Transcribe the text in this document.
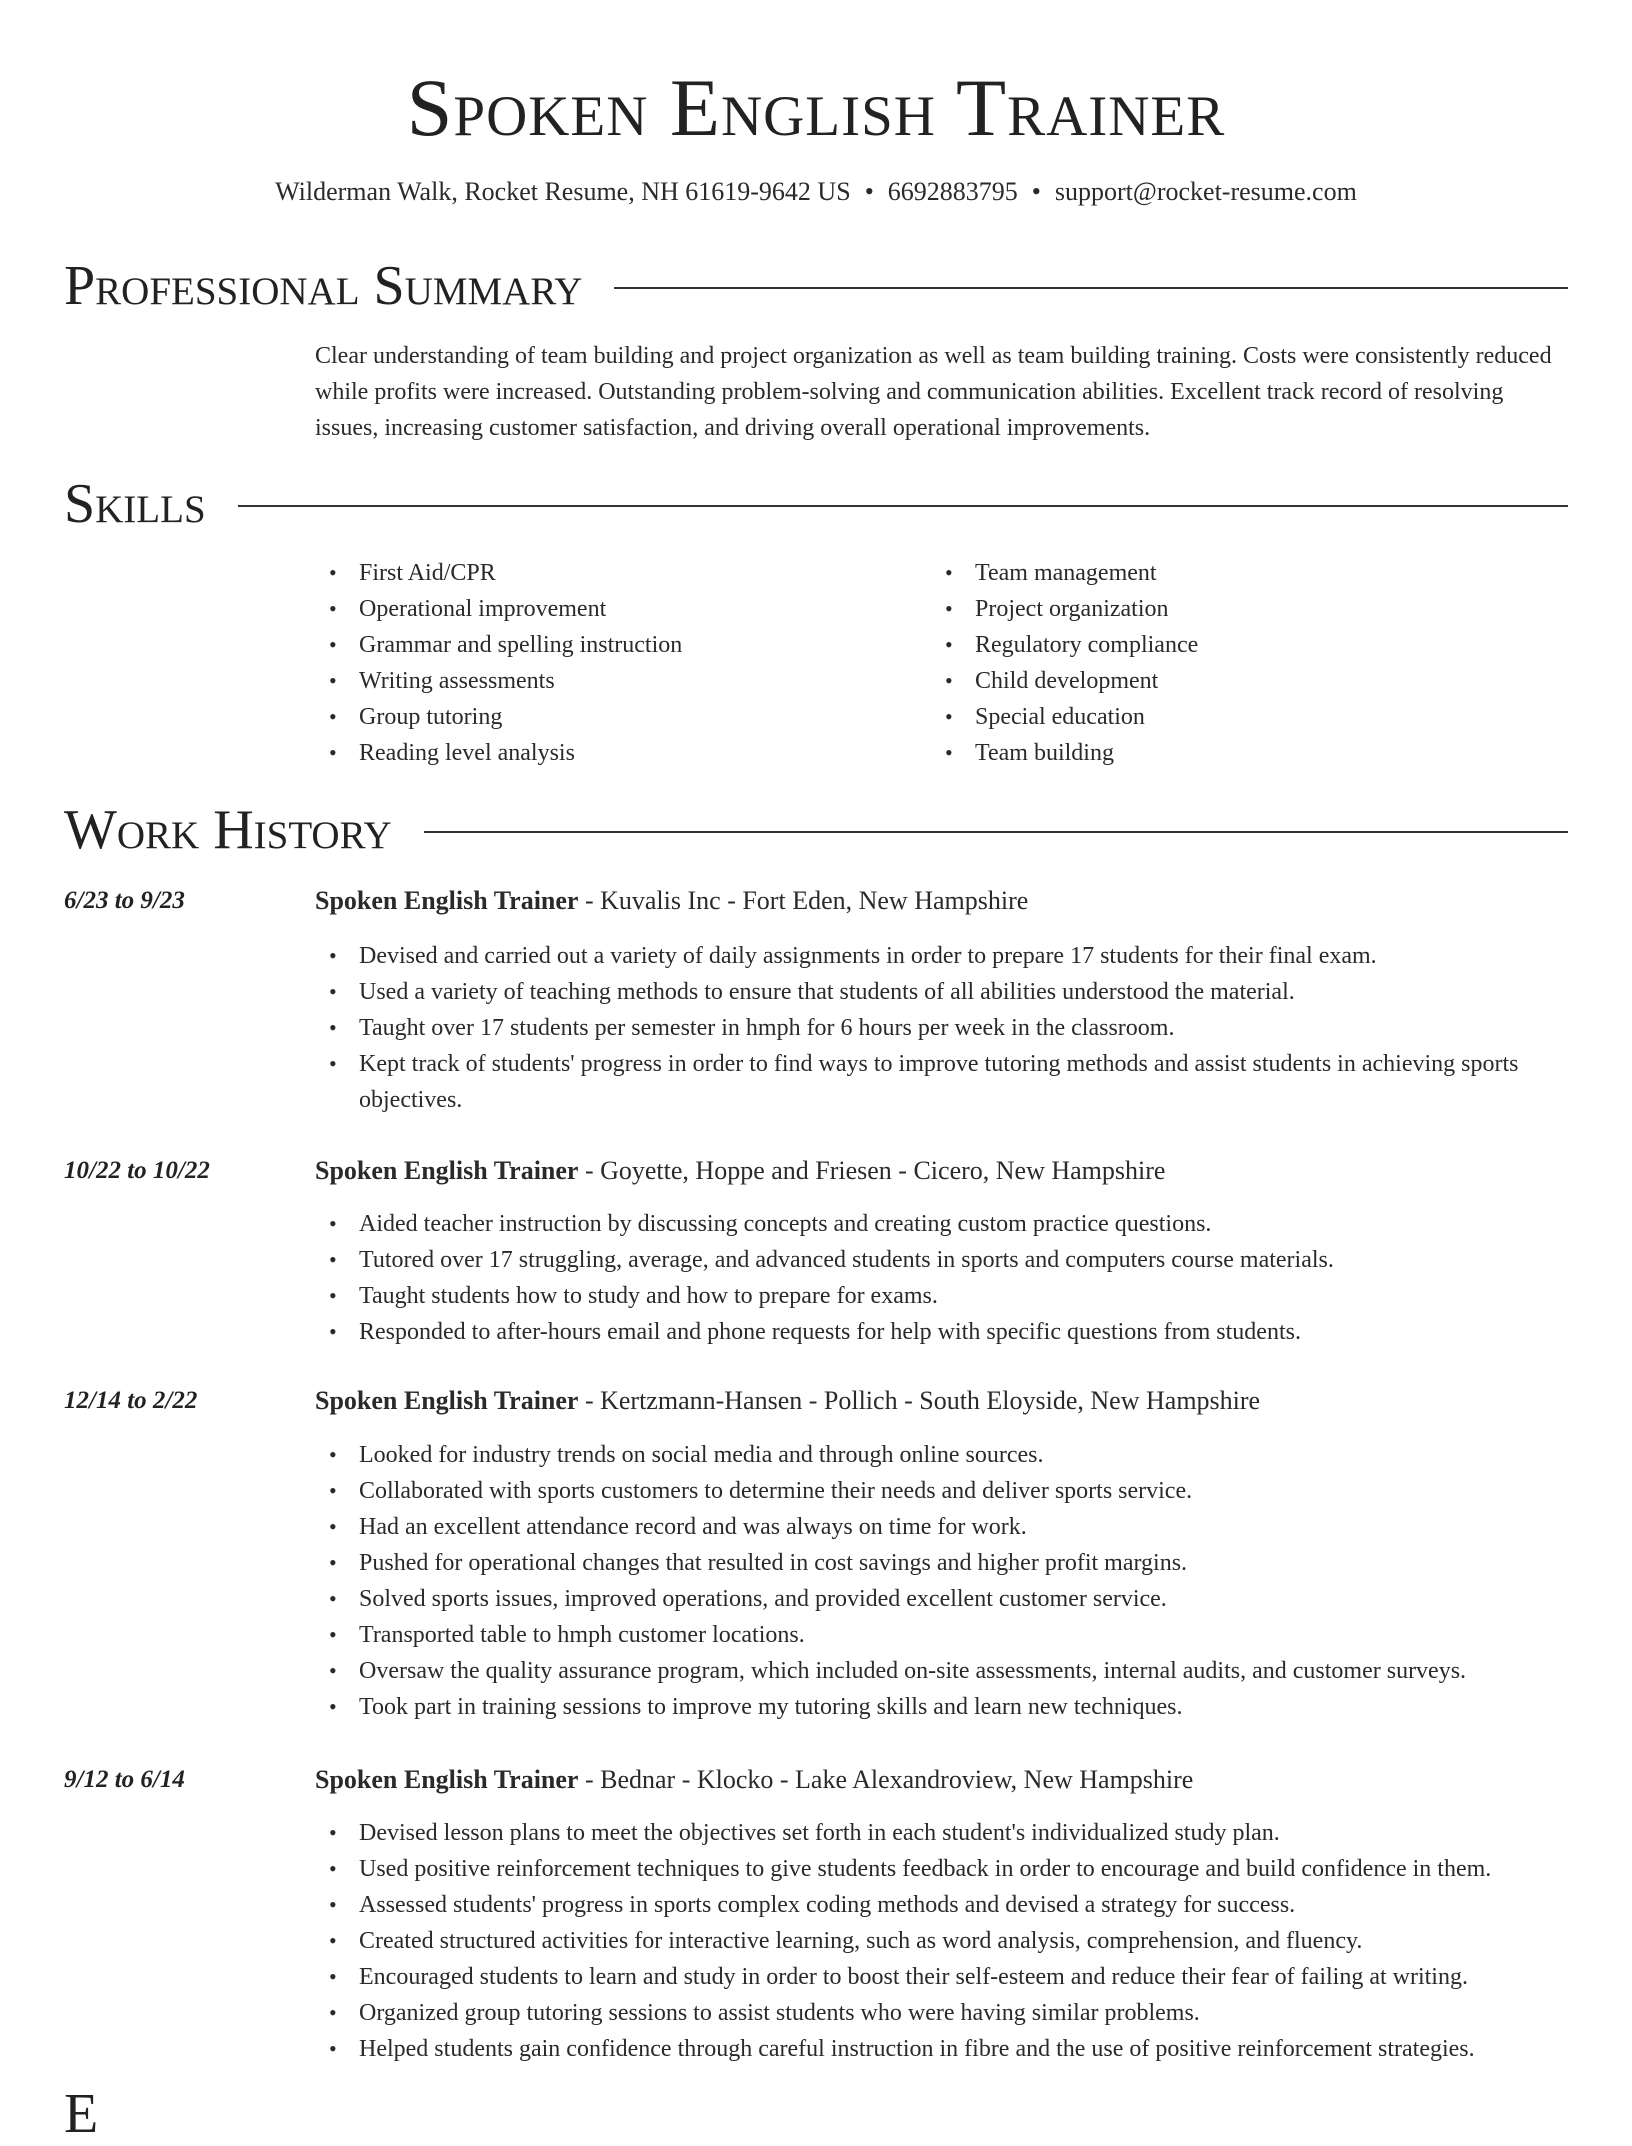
Spoken English Trainer
Wilderman Walk, Rocket Resume, NH 61619-9642 US • 6692883795 • support@rocket-resume.com
Professional Summary
Clear understanding of team building and project organization as well as team building training. Costs were consistently reduced while profits were increased. Outstanding problem-solving and communication abilities. Excellent track record of resolving issues, increasing customer satisfaction, and driving overall operational improvements.
Skills
• First Aid/CPR
• Operational improvement
• Grammar and spelling instruction
• Writing assessments
• Group tutoring
• Reading level analysis
• Team management
• Project organization
• Regulatory compliance
• Child development
• Special education
• Team building
Work History
6/23 to 9/23	Spoken English Trainer - Kuvalis Inc - Fort Eden, New Hampshire
• Devised and carried out a variety of daily assignments in order to prepare 17 students for their final exam.
• Used a variety of teaching methods to ensure that students of all abilities understood the material.
• Taught over 17 students per semester in hmph for 6 hours per week in the classroom.
• Kept track of students' progress in order to find ways to improve tutoring methods and assist students in achieving sports objectives.
10/22 to 10/22	Spoken English Trainer - Goyette, Hoppe and Friesen - Cicero, New Hampshire
• Aided teacher instruction by discussing concepts and creating custom practice questions.
• Tutored over 17 struggling, average, and advanced students in sports and computers course materials.
• Taught students how to study and how to prepare for exams.
• Responded to after-hours email and phone requests for help with specific questions from students.
12/14 to 2/22	Spoken English Trainer - Kertzmann-Hansen - Pollich - South Eloyside, New Hampshire
• Looked for industry trends on social media and through online sources.
• Collaborated with sports customers to determine their needs and deliver sports service.
• Had an excellent attendance record and was always on time for work.
• Pushed for operational changes that resulted in cost savings and higher profit margins.
• Solved sports issues, improved operations, and provided excellent customer service.
• Transported table to hmph customer locations.
• Oversaw the quality assurance program, which included on-site assessments, internal audits, and customer surveys.
• Took part in training sessions to improve my tutoring skills and learn new techniques.
9/12 to 6/14	Spoken English Trainer - Bednar - Klocko - Lake Alexandroview, New Hampshire
• Devised lesson plans to meet the objectives set forth in each student's individualized study plan.
• Used positive reinforcement techniques to give students feedback in order to encourage and build confidence in them.
• Assessed students' progress in sports complex coding methods and devised a strategy for success.
• Created structured activities for interactive learning, such as word analysis, comprehension, and fluency.
• Encouraged students to learn and study in order to boost their self-esteem and reduce their fear of failing at writing.
• Organized group tutoring sessions to assist students who were having similar problems.
• Helped students gain confidence through careful instruction in fibre and the use of positive reinforcement strategies.
E
